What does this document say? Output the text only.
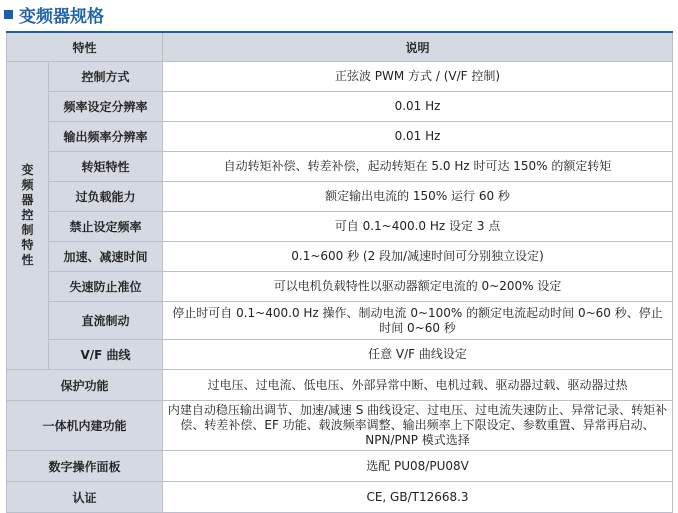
变频器规格
特性		说明
变频器控制特性	控制方式	正弦波 PWM 方式 / (V/F 控制)
	频率设定分辨率	0.01 Hz
	输出频率分辨率	0.01 Hz
	转矩特性	自动转矩补偿、转差补偿，起动转矩在 5.0 Hz 时可达 150% 的额定转矩
	过负载能力	额定输出电流的 150% 运行 60 秒
	禁止设定频率	可自 0.1~400.0 Hz 设定 3 点
	加速、减速时间	0.1~600 秒 (2 段加/减速时间可分别独立设定)
	失速防止准位	可以电机负载特性以驱动器额定电流的 0~200% 设定
	直流制动	停止时可自 0.1~400.0 Hz 操作、制动电流 0~100% 的额定电流起动时间 0~60 秒、停止时间 0~60 秒
	V/F 曲线	任意 V/F 曲线设定
保护功能		过电压、过电流、低电压、外部异常中断、电机过载、驱动器过载、驱动器过热
一体机内建功能		内建自动稳压输出调节、加速/减速 S 曲线设定、过电压、过电流失速防止、异常记录、转矩补偿、转差补偿、EF 功能、载波频率调整、输出频率上下限设定、参数重置、异常再启动、NPN/PNP 模式选择
数字操作面板		选配 PU08/PU08V
认证		CE, GB/T12668.3
